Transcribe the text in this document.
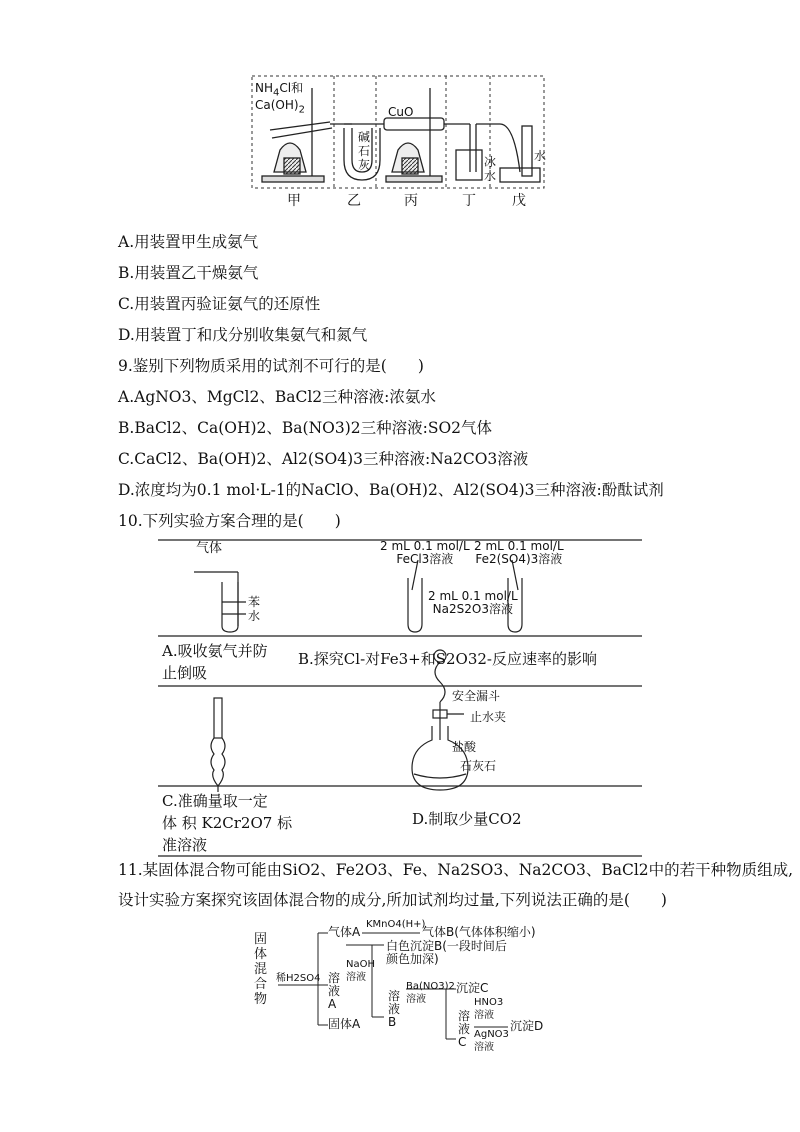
$NH_4Cl$和
$Ca(OH)_2$
碱
石
灰
CuO
冰
水
水
甲	乙	丙	丁	戊
A.用装置甲生成氨气
B.用装置乙干燥氨气
C.用装置丙验证氨气的还原性
D.用装置丁和戊分别收集氨气和氮气
9.鉴别下列物质采用的试剂不可行的是(　　)
A.AgNO3、MgCl2、BaCl2三种溶液:浓氨水
B.BaCl2、Ca(OH)2、Ba(NO3)2三种溶液:SO2气体
C.CaCl2、Ba(OH)2、Al2(SO4)3三种溶液:Na2CO3溶液
D.浓度均为0.1 mol·L-1的NaClO、Ba(OH)2、Al2(SO4)3三种溶液:酚酞试剂
10.下列实验方案合理的是(　　)
气体
苯
水
2 mL 0.1 mol/L
FeCl3溶液
2 mL 0.1 mol/L
Fe2(SO4)3溶液
2 mL 0.1 mol/L
Na2S2O3溶液
A.吸收氨气并防
止倒吸
B.探究Cl-对Fe3+和S2O32-反应速率的影响
安全漏斗
止水夹
盐酸
石灰石
C.准确量取一定
体 积 K2Cr2O7 标
准溶液
D.制取少量CO2
11.某固体混合物可能由SiO2、Fe2O3、Fe、Na2SO3、Na2CO3、BaCl2中的若干种物质组成,
设计实验方案探究该固体混合物的成分,所加试剂均过量,下列说法正确的是(　　)
固体混合物
稀H2SO4
气体A
KMnO4(H+)
气体B(气体体积缩小)
溶液A
NaOH溶液
白色沉淀B(一段时间后
颜色加深)
溶液B
Ba(NO3)2溶液
沉淀C
HNO3溶液
溶液C
AgNO3溶液
沉淀D
固体A
